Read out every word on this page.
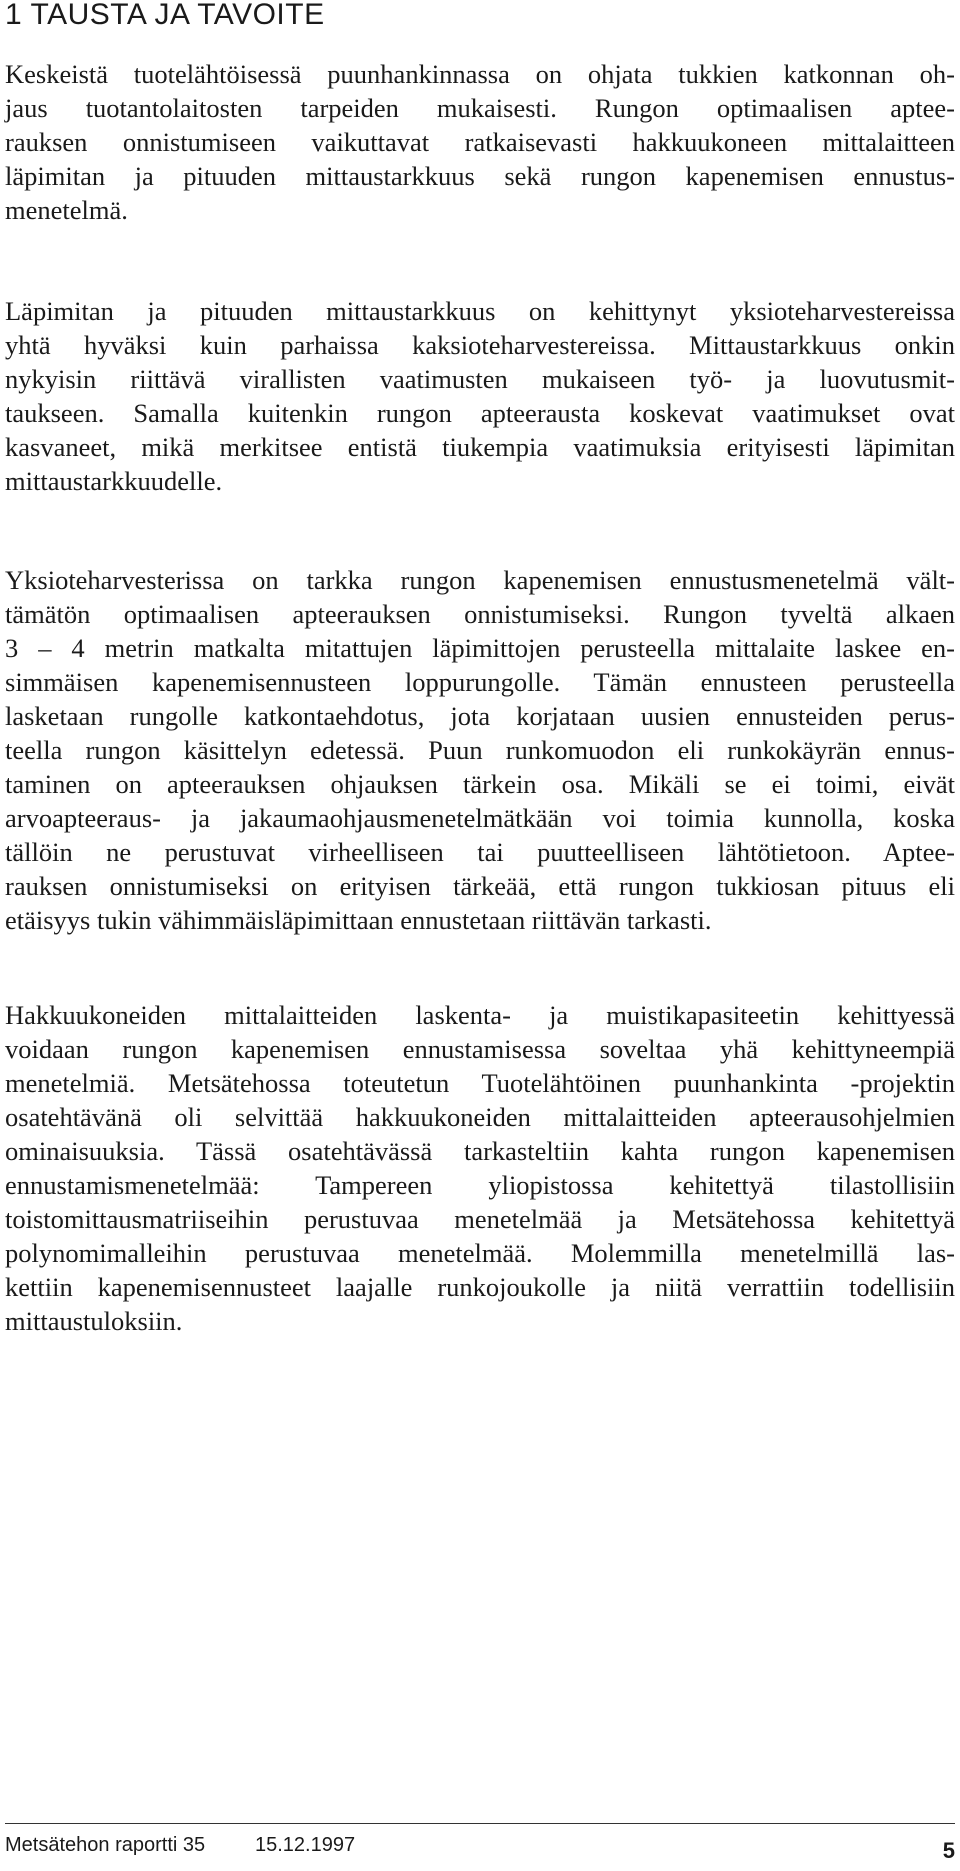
1 TAUSTA JA TAVOITE
Keskeistä tuotelähtöisessä puunhankinnassa on ohjata tukkien katkonnan oh-
jaus tuotantolaitosten tarpeiden mukaisesti. Rungon optimaalisen aptee-
rauksen onnistumiseen vaikuttavat ratkaisevasti hakkuukoneen mittalaitteen
läpimitan ja pituuden mittaustarkkuus sekä rungon kapenemisen ennustus-
menetelmä.
Läpimitan ja pituuden mittaustarkkuus on kehittynyt yksioteharvestereissa
yhtä hyväksi kuin parhaissa kaksioteharvestereissa. Mittaustarkkuus onkin
nykyisin riittävä virallisten vaatimusten mukaiseen työ- ja luovutusmit-
taukseen. Samalla kuitenkin rungon apteerausta koskevat vaatimukset ovat
kasvaneet, mikä merkitsee entistä tiukempia vaatimuksia erityisesti läpimitan
mittaustarkkuudelle.
Yksioteharvesterissa on tarkka rungon kapenemisen ennustusmenetelmä vält-
tämätön optimaalisen apteerauksen onnistumiseksi. Rungon tyveltä alkaen
3 – 4 metrin matkalta mitattujen läpimittojen perusteella mittalaite laskee en-
simmäisen kapenemisennusteen loppurungolle. Tämän ennusteen perusteella
lasketaan rungolle katkontaehdotus, jota korjataan uusien ennusteiden perus-
teella rungon käsittelyn edetessä. Puun runkomuodon eli runkokäyrän ennus-
taminen on apteerauksen ohjauksen tärkein osa. Mikäli se ei toimi, eivät
arvoapteeraus- ja jakaumaohjausmenetelmätkään voi toimia kunnolla, koska
tällöin ne perustuvat virheelliseen tai puutteelliseen lähtötietoon. Aptee-
rauksen onnistumiseksi on erityisen tärkeää, että rungon tukkiosan pituus eli
etäisyys tukin vähimmäisläpimittaan ennustetaan riittävän tarkasti.
Hakkuukoneiden mittalaitteiden laskenta- ja muistikapasiteetin kehittyessä
voidaan rungon kapenemisen ennustamisessa soveltaa yhä kehittyneempiä
menetelmiä. Metsätehossa toteutetun Tuotelähtöinen puunhankinta -projektin
osatehtävänä oli selvittää hakkuukoneiden mittalaitteiden apteerausohjelmien
ominaisuuksia. Tässä osatehtävässä tarkasteltiin kahta rungon kapenemisen
ennustamismenetelmää: Tampereen yliopistossa kehitettyä tilastollisiin
toistomittausmatriiseihin perustuvaa menetelmää ja Metsätehossa kehitettyä
polynomimalleihin perustuvaa menetelmää. Molemmilla menetelmillä las-
kettiin kapenemisennusteet laajalle runkojoukolle ja niitä verrattiin todellisiin
mittaustuloksiin.
Metsätehon raportti 35 15.12.1997	5
